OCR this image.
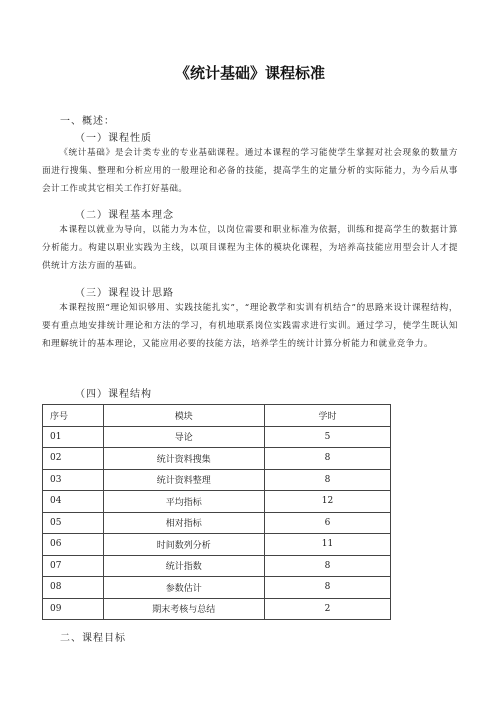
《统计基础》课程标准
一、概述：
（一）课程性质
《统计基础》是会计类专业的专业基础课程。通过本课程的学习能使学生掌握对社会现象的数量方面进行搜集、整理和分析应用的一般理论和必备的技能，提高学生的定量分析的实际能力，为今后从事会计工作或其它相关工作打好基础。
（二）课程基本理念
本课程以就业为导向，以能力为本位，以岗位需要和职业标准为依据，训练和提高学生的数据计算分析能力。构建以职业实践为主线，以项目课程为主体的模块化课程，为培养高技能应用型会计人才提供统计方法方面的基础。
（三）课程设计思路
本课程按照“理论知识够用、实践技能扎实”，“理论教学和实训有机结合”的思路来设计课程结构，要有重点地安排统计理论和方法的学习，有机地联系岗位实践需求进行实训。通过学习，使学生既认知和理解统计的基本理论，又能应用必要的技能方法，培养学生的统计计算分析能力和就业竞争力。
（四）课程结构
序号	模块	学时
01	导论	5
02	统计资料搜集	8
03	统计资料整理	8
04	平均指标	12
05	相对指标	6
06	时间数列分析	11
07	统计指数	8
08	参数估计	8
09	期末考核与总结	2
二、课程目标
